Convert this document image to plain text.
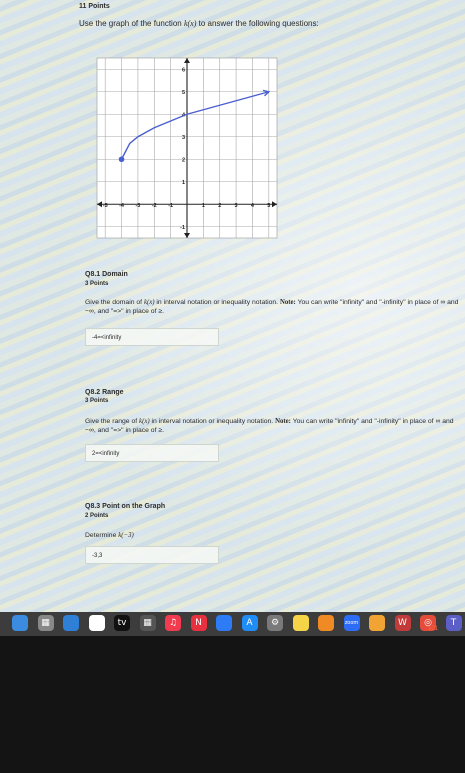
11 Points
Use the graph of the function k(x) to answer the following questions:
-5 -4 -3 -2 -1	1 2 3 4 5
6
5
4
3
2
1
-1
Q8.1 Domain
3 Points
Give the domain of k(x) in interval notation or inequality notation. Note: You can write "infinity" and "-infinity" in place of ∞ and −∞, and "=>" in place of ≥.
-4=<infinity
Q8.2 Range
3 Points
Give the range of k(x) in interval notation or inequality notation. Note: You can write "infinity" and "-infinity" in place of ∞ and −∞, and "=>" in place of ≥.
2=<infinity
Q8.3 Point on the Graph
2 Points
Determine k(−3)
-3,3
▦	tv	▦	♫	N	A	⚙	zoom	W	◎	T
101
